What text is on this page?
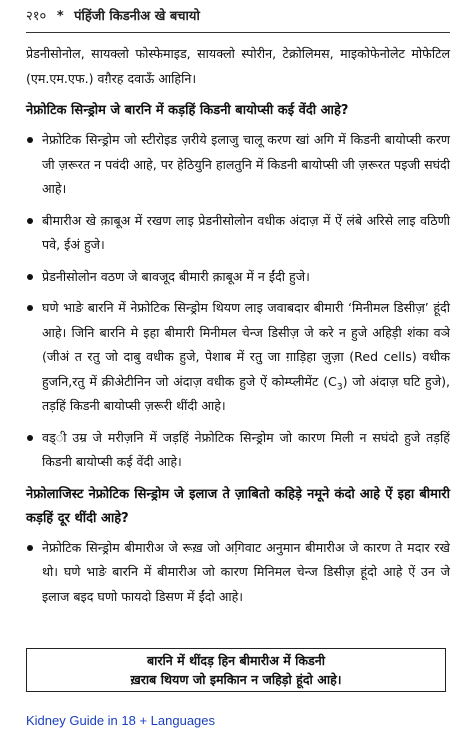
२१० * पंहिंजी किडनीअ खे बचायो

प्रेडनीसोनोल, सायक्लो फोस्फेमाइड, सायक्लो स्पोरीन, टेक्रोलिमस, माइकोफेनोलेट मोफेटिल (एम.एम.एफ.) वग़ैरह दवाऊँ आहिनि।

नेफ्रोटिक सिन्ड्रोम जे बारनि में कड़हिं किडनी बायोप्सी कई वेंदी आहे?

नेफ्रोटिक सिन्ड्रोम जो स्टीरोइड ज़रीये इलाजु चालू करण खां अगि में किडनी बायोप्सी करण जी ज़रूरत न पवंदी आहे, पर हेठियुनि हालतुनि में किडनी बायोप्सी जी ज़रूरत पइजी सघंदी आहे।
बीमारीअ खे क़ाबूअ में रखण लाइ प्रेडनीसोलोन वधीक अंदाज़ में ऐं लंबे अरिसे लाइ वठिणी पवे, ईअं हुजे।
प्रेडनीसोलोन वठण जे बावजूद बीमारी क़ाबूअ में न ईंदी हुजे।
घणे भाङे बारनि में नेफ्रोटिक सिन्ड्रोम थियण लाइ जवाबदार बीमारी ‘मिनीमल डिसीज़’ हूंदी आहे। जिनि बारनि मे इहा बीमारी मिनीमल चेन्ज डिसीज़ जे करे न हुजे अहिड़ी शंका वञे (जीअं त रतु जो दाबु वधीक हुजे, पेशाब में रतु जा ग़ाड़िहा ज़ुज़ा (Red cells) वधीक हुजनि,रतु में क्रीअेटीनिन जो अंदाज़ वधीक हुजे ऐं कोम्प्लीमेंट $(C_3)$ जो अंदाज़ घटि हुजे), तड़हिं किडनी बायोप्सी ज़रूरी थींदी आहे।
वड्ी उम्र जे मरीज़नि में जड़हिं नेफ्रोटिक सिन्ड्रोम जो कारण मिली न सघंदो हुजे तड़हिं किडनी बायोप्सी कई वेंदी आहे।

नेफ्रोलाजिस्ट नेफ्रोटिक सिन्ड्रोम जे इलाज ते ज़ाबितो कहिड़े नमूने कंदो आहे ऐं इहा बीमारी कड़हिं दूर थींदी आहे?

नेफ्रोटिक सिन्ड्रोम बीमारीअ जे रूख़ जो अगि़वाट अनुमान बीमारीअ जे कारण ते मदार रखे थो। घणे भाङे बारनि में बीमारीअ जो कारण मिनिमल चेन्ज डिसीज़ हूंदो आहे ऐं उन जे इलाज बइद घणो फायदो डिसण में ईंदो आहे।
बारनि में थींदड़ हिन बीमारीअ में किडनी
ख़राब थियण जो इमकिान न जहिड़ो हूंदो आहे।
Kidney Guide in 18 + Languages
